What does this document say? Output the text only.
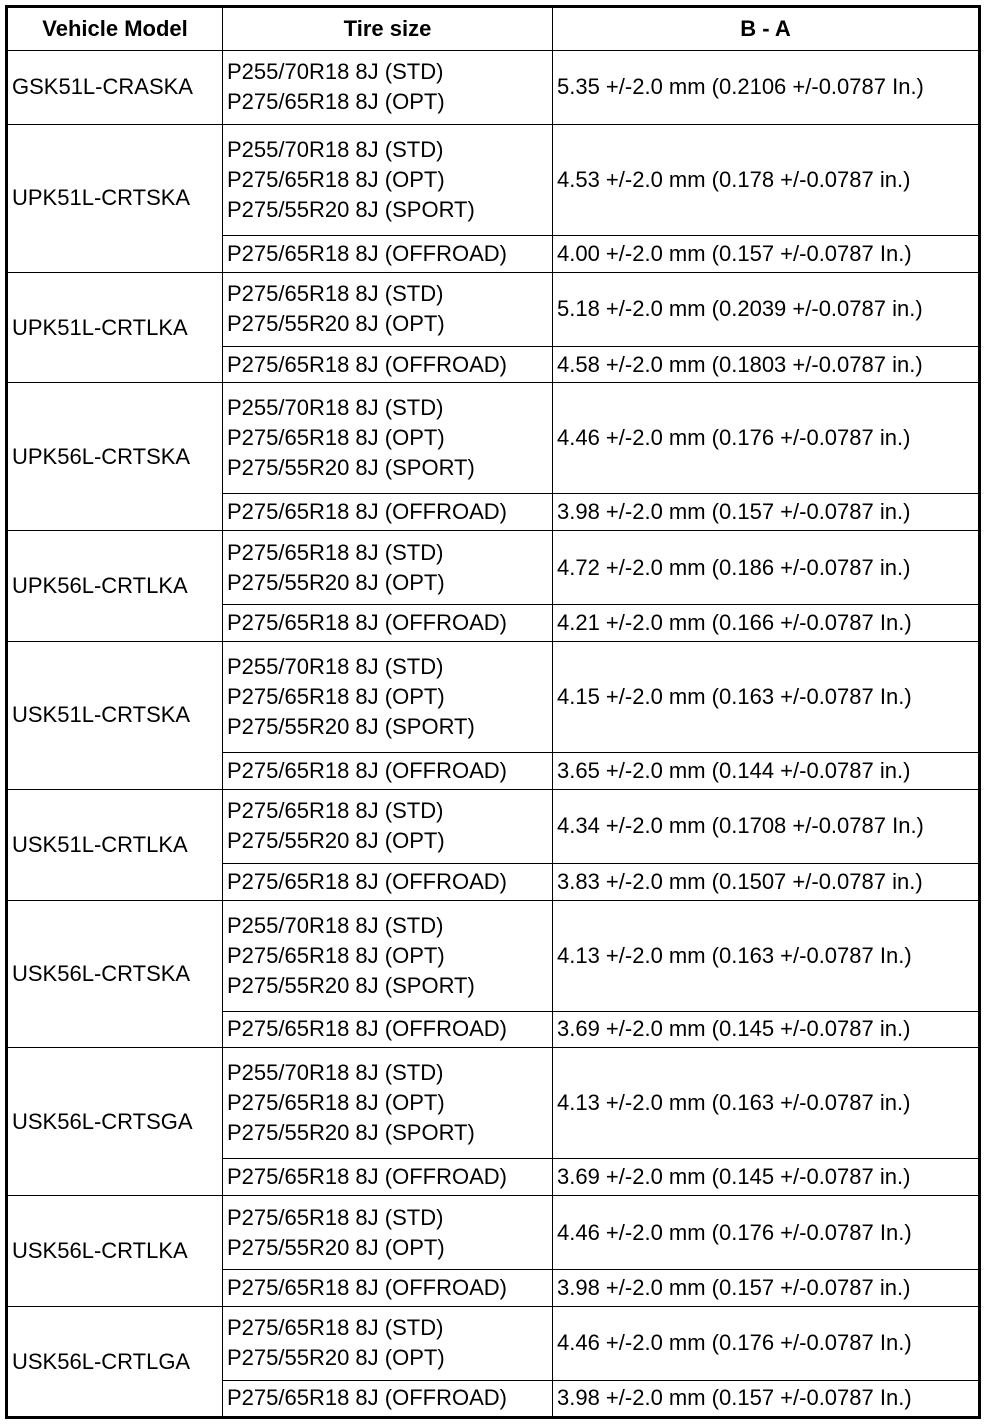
Vehicle Model	Tire size	B - A
GSK51L-CRASKA	P255/70R18 8J (STD)
P275/65R18 8J (OPT)	5.35 +/-2.0 mm (0.2106 +/-0.0787 In.)
UPK51L-CRTSKA	P255/70R18 8J (STD)
P275/65R18 8J (OPT)
P275/55R20 8J (SPORT)	4.53 +/-2.0 mm (0.178 +/-0.0787 in.)

	P275/65R18 8J (OFFROAD)	4.00 +/-2.0 mm (0.157 +/-0.0787 In.)
UPK51L-CRTLKA	P275/65R18 8J (STD)
P275/55R20 8J (OPT)	5.18 +/-2.0 mm (0.2039 +/-0.0787 in.)

	P275/65R18 8J (OFFROAD)	4.58 +/-2.0 mm (0.1803 +/-0.0787 in.)
UPK56L-CRTSKA	P255/70R18 8J (STD)
P275/65R18 8J (OPT)
P275/55R20 8J (SPORT)	4.46 +/-2.0 mm (0.176 +/-0.0787 in.)

	P275/65R18 8J (OFFROAD)	3.98 +/-2.0 mm (0.157 +/-0.0787 in.)
UPK56L-CRTLKA	P275/65R18 8J (STD)
P275/55R20 8J (OPT)	4.72 +/-2.0 mm (0.186 +/-0.0787 in.)

	P275/65R18 8J (OFFROAD)	4.21 +/-2.0 mm (0.166 +/-0.0787 In.)
USK51L-CRTSKA	P255/70R18 8J (STD)
P275/65R18 8J (OPT)
P275/55R20 8J (SPORT)	4.15 +/-2.0 mm (0.163 +/-0.0787 In.)

	P275/65R18 8J (OFFROAD)	3.65 +/-2.0 mm (0.144 +/-0.0787 in.)
USK51L-CRTLKA	P275/65R18 8J (STD)
P275/55R20 8J (OPT)	4.34 +/-2.0 mm (0.1708 +/-0.0787 In.)

	P275/65R18 8J (OFFROAD)	3.83 +/-2.0 mm (0.1507 +/-0.0787 in.)
USK56L-CRTSKA	P255/70R18 8J (STD)
P275/65R18 8J (OPT)
P275/55R20 8J (SPORT)	4.13 +/-2.0 mm (0.163 +/-0.0787 In.)

	P275/65R18 8J (OFFROAD)	3.69 +/-2.0 mm (0.145 +/-0.0787 in.)
USK56L-CRTSGA	P255/70R18 8J (STD)
P275/65R18 8J (OPT)
P275/55R20 8J (SPORT)	4.13 +/-2.0 mm (0.163 +/-0.0787 in.)

	P275/65R18 8J (OFFROAD)	3.69 +/-2.0 mm (0.145 +/-0.0787 in.)
USK56L-CRTLKA	P275/65R18 8J (STD)
P275/55R20 8J (OPT)	4.46 +/-2.0 mm (0.176 +/-0.0787 In.)

	P275/65R18 8J (OFFROAD)	3.98 +/-2.0 mm (0.157 +/-0.0787 in.)
USK56L-CRTLGA	P275/65R18 8J (STD)
P275/55R20 8J (OPT)	4.46 +/-2.0 mm (0.176 +/-0.0787 In.)

	P275/65R18 8J (OFFROAD)	3.98 +/-2.0 mm (0.157 +/-0.0787 In.)
